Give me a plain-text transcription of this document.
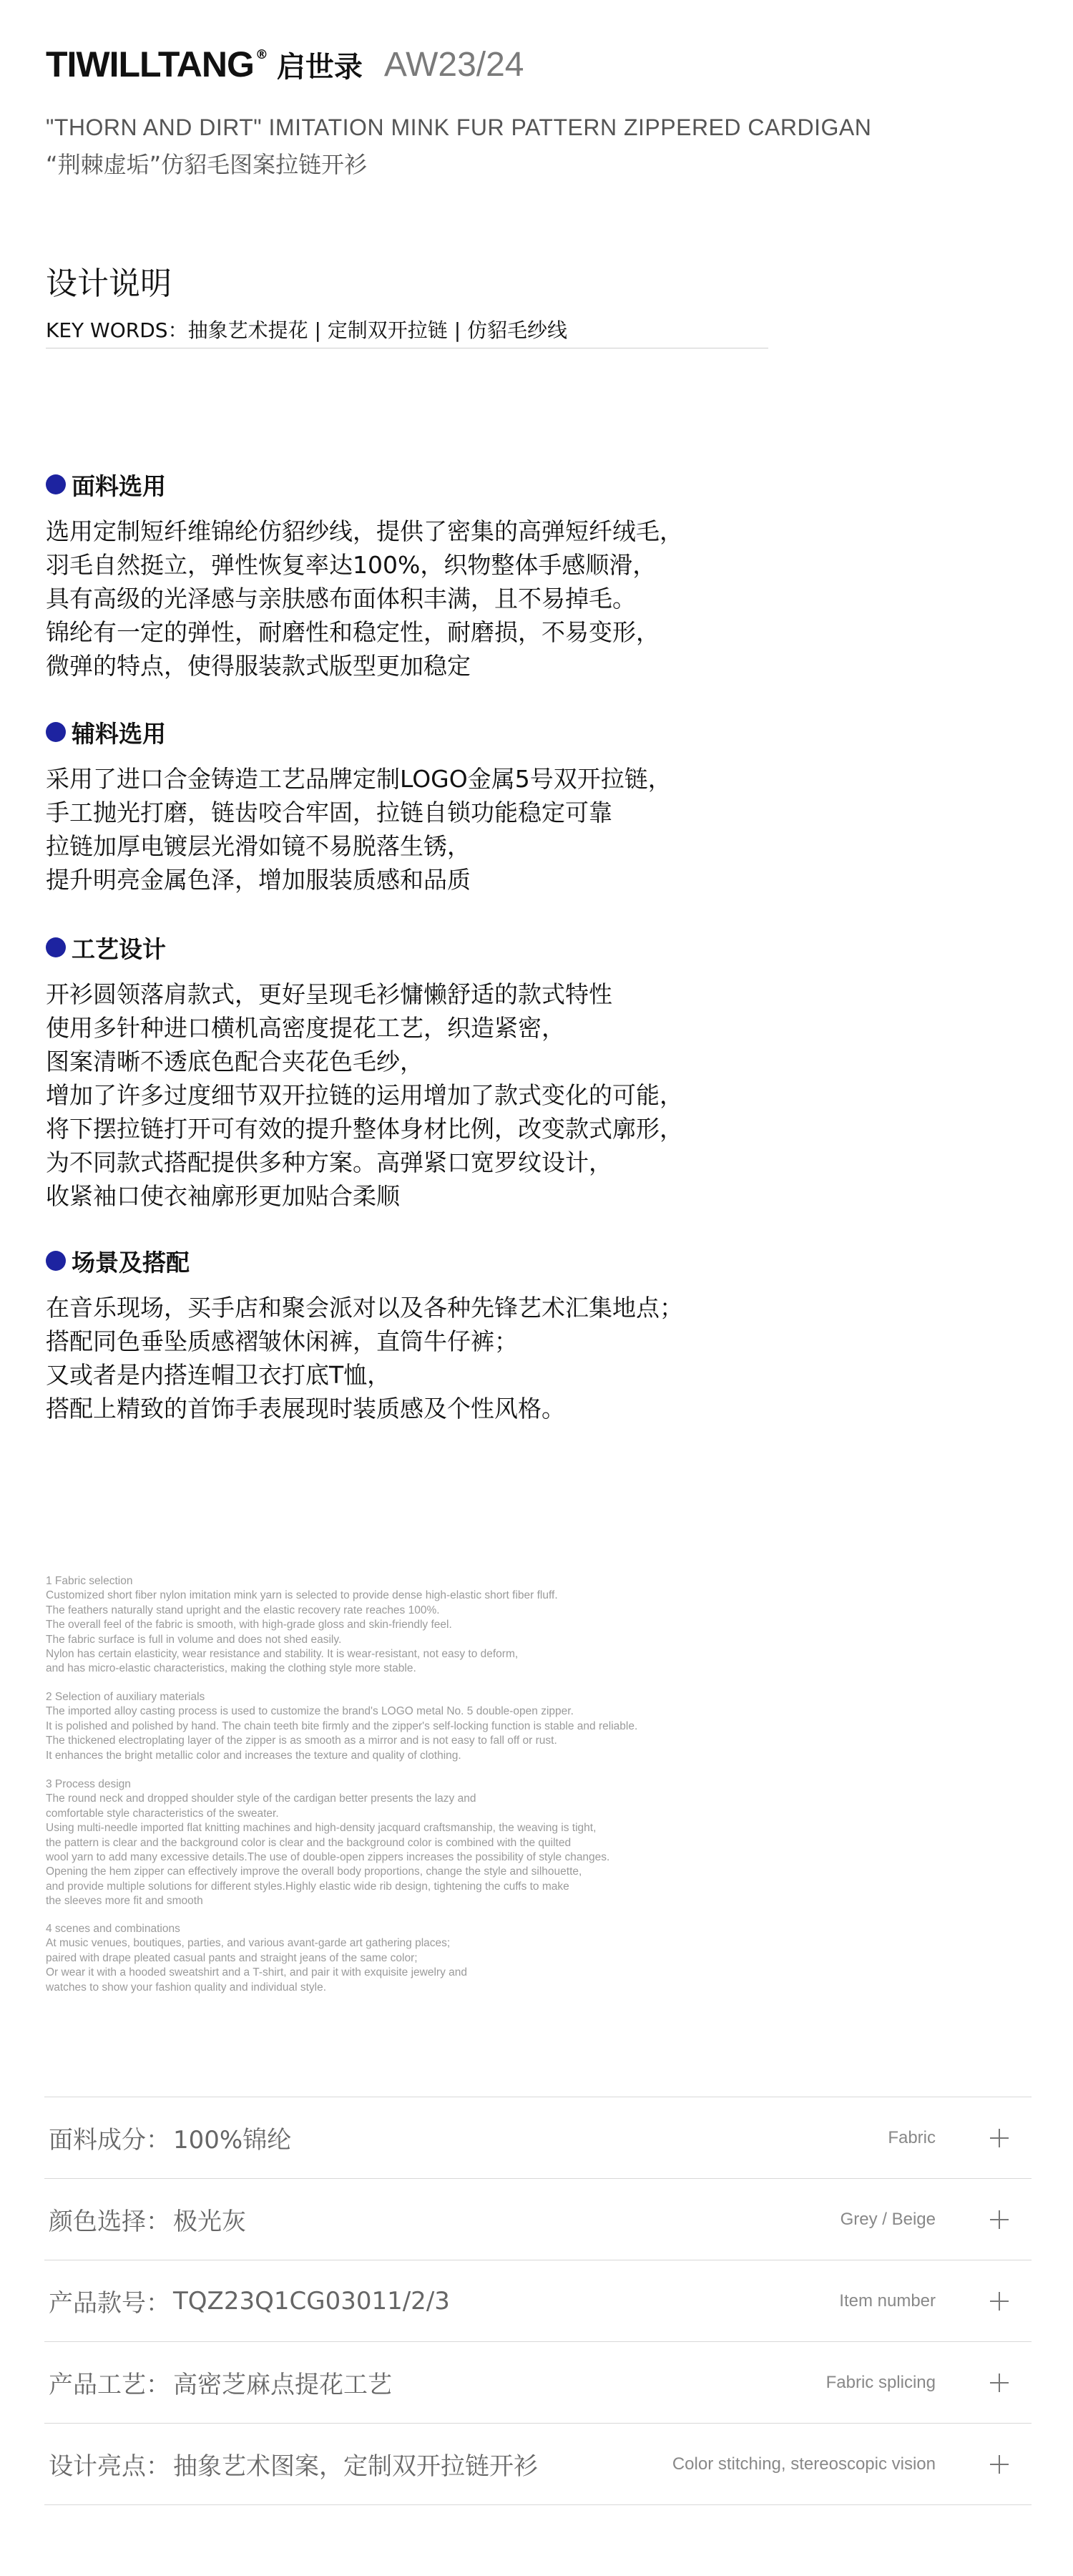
TIWILLTANG ® 启世录 AW23/24
"THORN AND DIRT" IMITATION MINK FUR PATTERN ZIPPERED CARDIGAN
“荆棘虚垢”仿貂毛图案拉链开衫
设计说明
KEY WORDS：抽象艺术提花 | 定制双开拉链 | 仿貂毛纱线
面料选用
选用定制短纤维锦纶仿貂纱线，提供了密集的高弹短纤绒毛，
羽毛自然挺立，弹性恢复率达100%，织物整体手感顺滑，
具有高级的光泽感与亲肤感布面体积丰满，且不易掉毛。
锦纶有一定的弹性，耐磨性和稳定性，耐磨损，不易变形，
微弹的特点，使得服装款式版型更加稳定
辅料选用
采用了进口合金铸造工艺品牌定制LOGO金属5号双开拉链，
手工抛光打磨，链齿咬合牢固，拉链自锁功能稳定可靠
拉链加厚电镀层光滑如镜不易脱落生锈，
提升明亮金属色泽，增加服装质感和品质
工艺设计
开衫圆领落肩款式，更好呈现毛衫慵懒舒适的款式特性
使用多针种进口横机高密度提花工艺，织造紧密，
图案清晰不透底色配合夹花色毛纱，
增加了许多过度细节双开拉链的运用增加了款式变化的可能，
将下摆拉链打开可有效的提升整体身材比例，改变款式廓形，
为不同款式搭配提供多种方案。高弹紧口宽罗纹设计，
收紧袖口使衣袖廓形更加贴合柔顺
场景及搭配
在音乐现场，买手店和聚会派对以及各种先锋艺术汇集地点；
搭配同色垂坠质感褶皱休闲裤，直筒牛仔裤；
又或者是内搭连帽卫衣打底T恤，
搭配上精致的首饰手表展现时装质感及个性风格。
1 Fabric selection
Customized short fiber nylon imitation mink yarn is selected to provide dense high-elastic short fiber fluff.
The feathers naturally stand upright and the elastic recovery rate reaches 100%.
The overall feel of the fabric is smooth, with high-grade gloss and skin-friendly feel.
The fabric surface is full in volume and does not shed easily.
Nylon has certain elasticity, wear resistance and stability. It is wear-resistant, not easy to deform,
and has micro-elastic characteristics, making the clothing style more stable.
2 Selection of auxiliary materials
The imported alloy casting process is used to customize the brand's LOGO metal No. 5 double-open zipper.
It is polished and polished by hand. The chain teeth bite firmly and the zipper's self-locking function is stable and reliable.
The thickened electroplating layer of the zipper is as smooth as a mirror and is not easy to fall off or rust.
It enhances the bright metallic color and increases the texture and quality of clothing.
3 Process design
The round neck and dropped shoulder style of the cardigan better presents the lazy and
comfortable style characteristics of the sweater.
Using multi-needle imported flat knitting machines and high-density jacquard craftsmanship, the weaving is tight,
the pattern is clear and the background color is clear and the background color is combined with the quilted
wool yarn to add many excessive details.The use of double-open zippers increases the possibility of style changes.
Opening the hem zipper can effectively improve the overall body proportions, change the style and silhouette,
and provide multiple solutions for different styles.Highly elastic wide rib design, tightening the cuffs to make
the sleeves more fit and smooth
4 scenes and combinations
At music venues, boutiques, parties, and various avant-garde art gathering places;
paired with drape pleated casual pants and straight jeans of the same color;
Or wear it with a hooded sweatshirt and a T-shirt, and pair it with exquisite jewelry and
watches to show your fashion quality and individual style.
面料成分： 100%锦纶	Fabric
颜色选择： 极光灰	Grey / Beige
产品款号： TQZ23Q1CG03011/2/3	Item number
产品工艺： 高密芝麻点提花工艺	Fabric splicing
设计亮点： 抽象艺术图案，定制双开拉链开衫	Color stitching, stereoscopic vision
